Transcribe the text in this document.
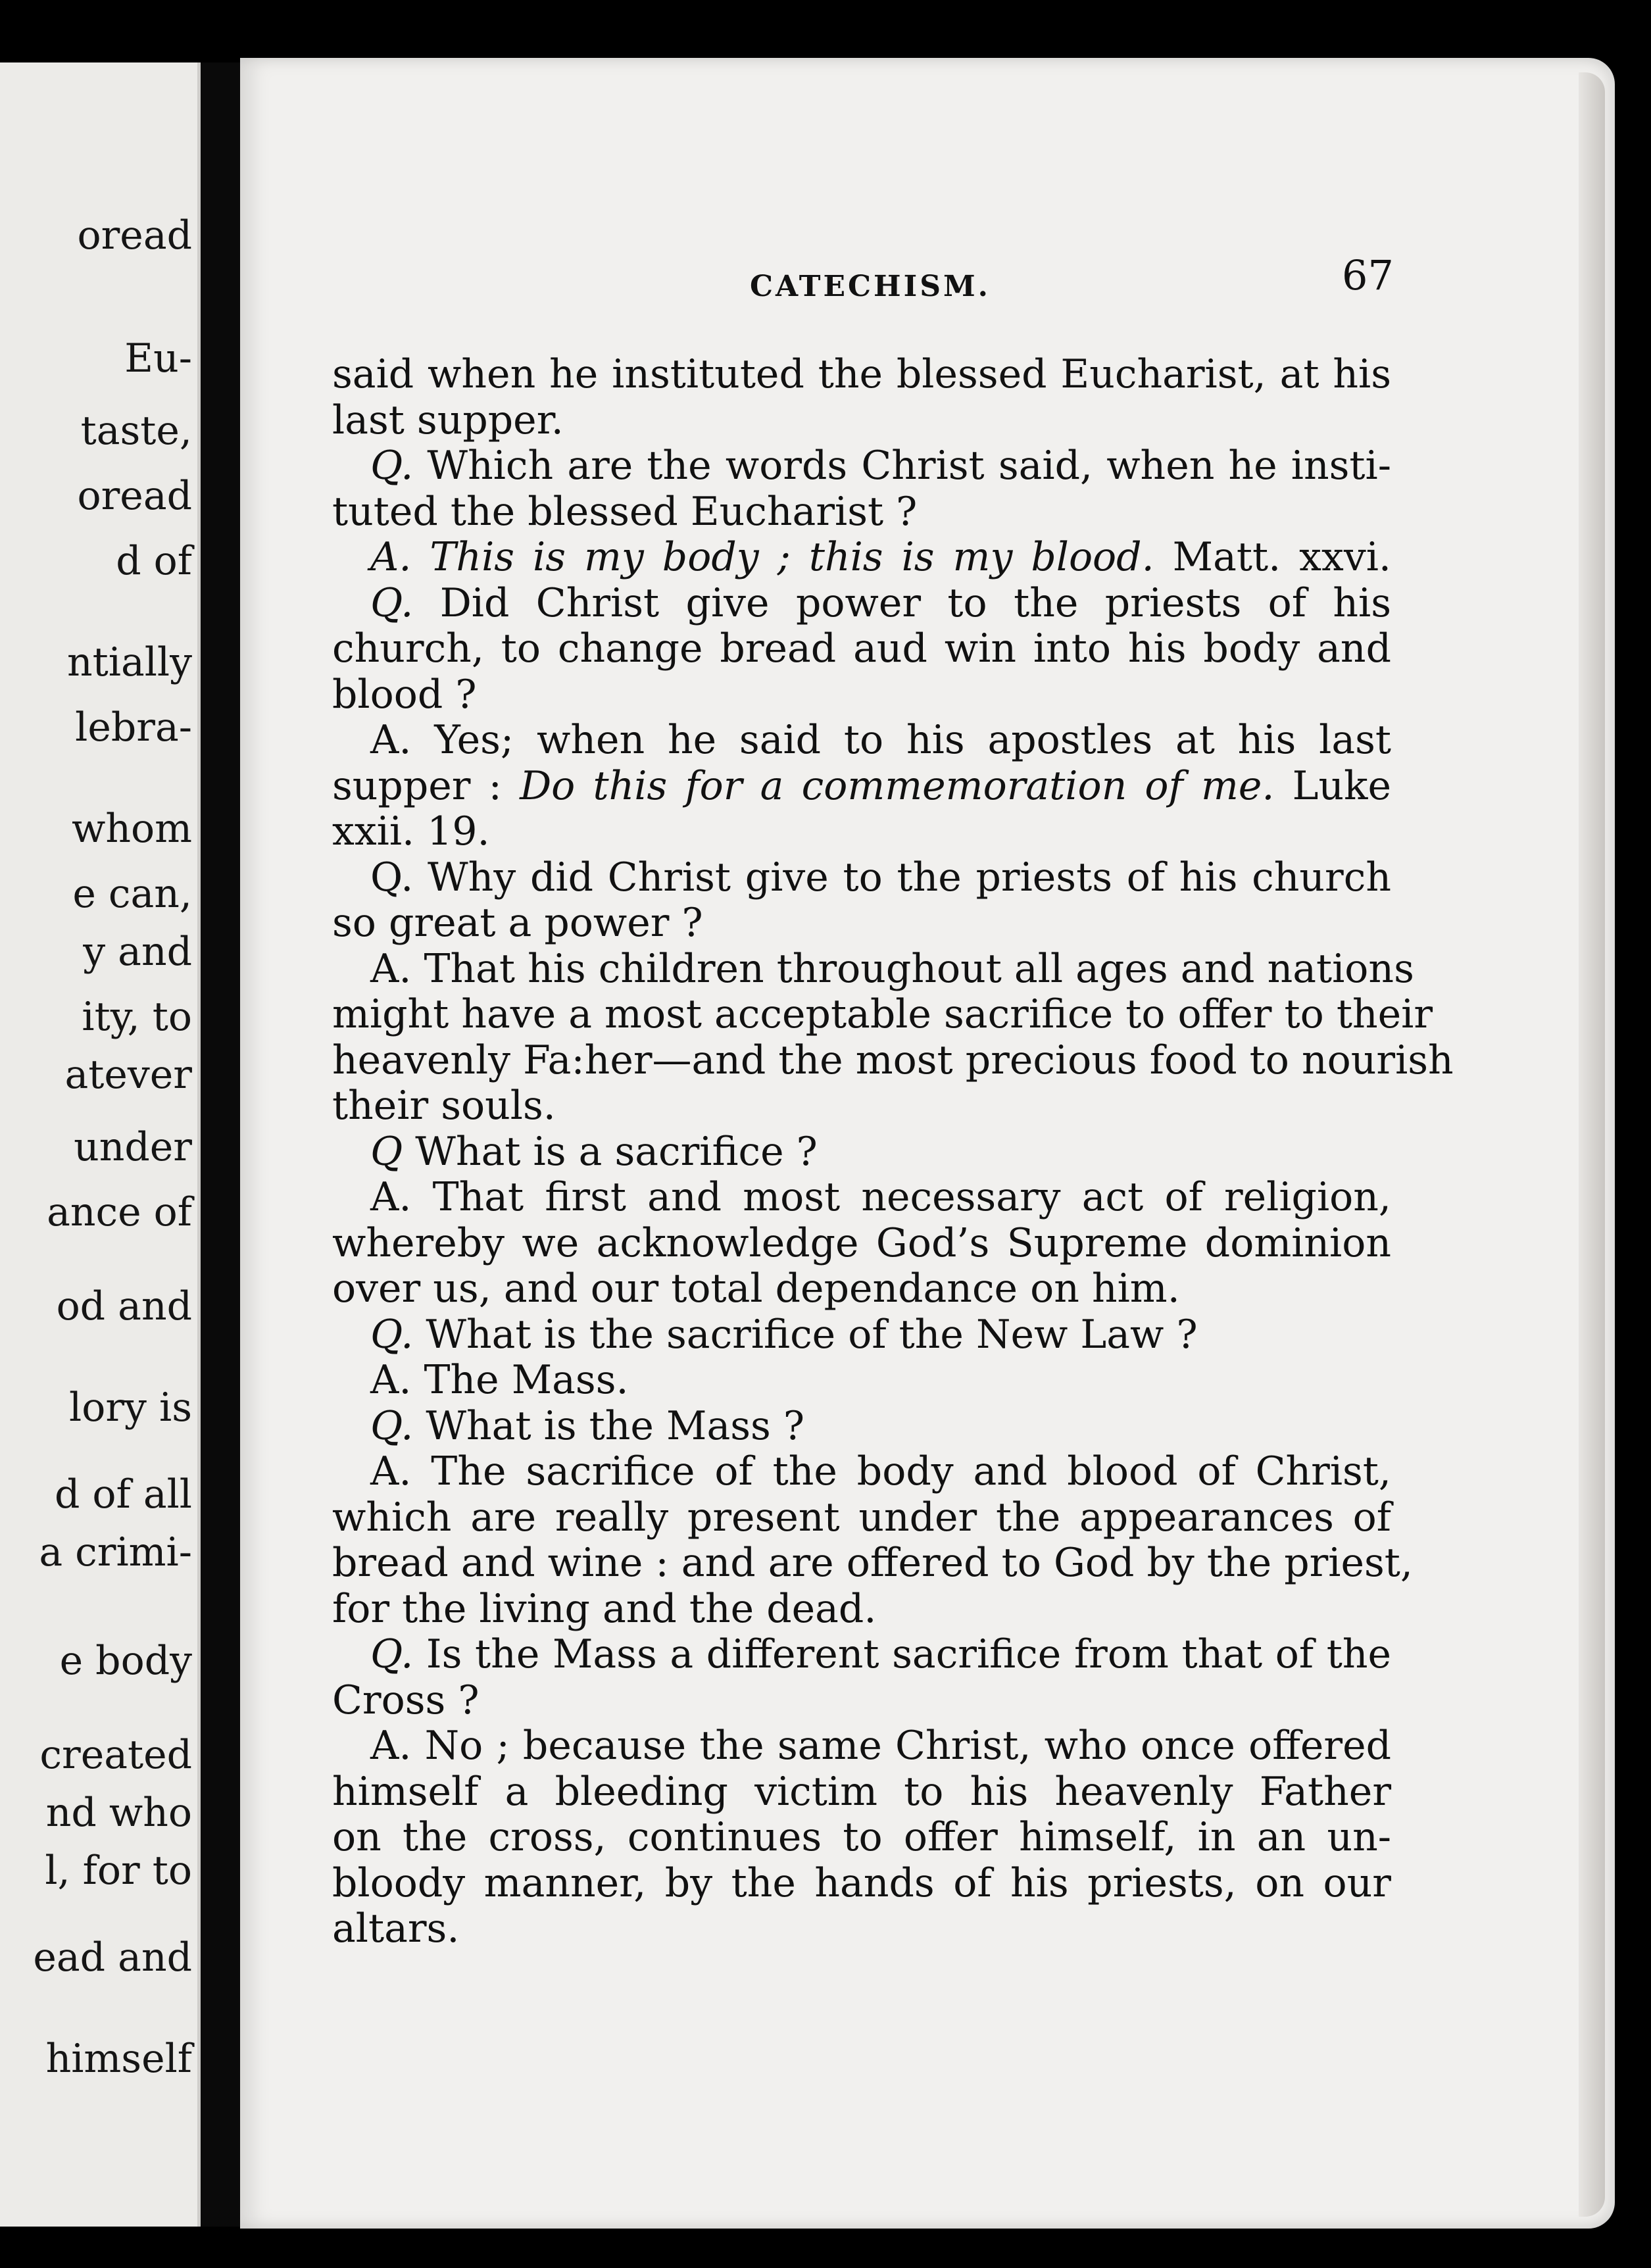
oread
Eu-
taste,
oread
d of
ntially
lebra-
whom
e can,
y and
ity, to
atever
under
ance of
od and
lory is
d of all
a crimi-
e body
created
nd who
l, for to
ead and
himself
CATECHISM.	67
said when he instituted the blessed Eucharist, at his
last supper.
Q. Which are the words Christ said, when he insti-
tuted the blessed Eucharist ?
A. This is my body ; this is my blood. Matt. xxvi.
Q. Did Christ give power to the priests of his
church, to change bread aud win into his body and
blood ?
A. Yes; when he said to his apostles at his last
supper : Do this for a commemoration of me. Luke
xxii. 19.
Q. Why did Christ give to the priests of his church
so great a power ?
A. That his children throughout all ages and nations
might have a most acceptable sacrifice to offer to their
heavenly Fa:her—and the most precious food to nourish
their souls.
Q What is a sacrifice ?
A. That first and most necessary act of religion,
whereby we acknowledge God’s Supreme dominion
over us, and our total dependance on him.
Q. What is the sacrifice of the New Law ?
A. The Mass.
Q. What is the Mass ?
A. The sacrifice of the body and blood of Christ,
which are really present under the appearances of
bread and wine : and are offered to God by the priest,
for the living and the dead.
Q. Is the Mass a different sacrifice from that of the
Cross ?
A. No ; because the same Christ, who once offered
himself a bleeding victim to his heavenly Father
on the cross, continues to offer himself, in an un-
bloody manner, by the hands of his priests, on our
altars.
